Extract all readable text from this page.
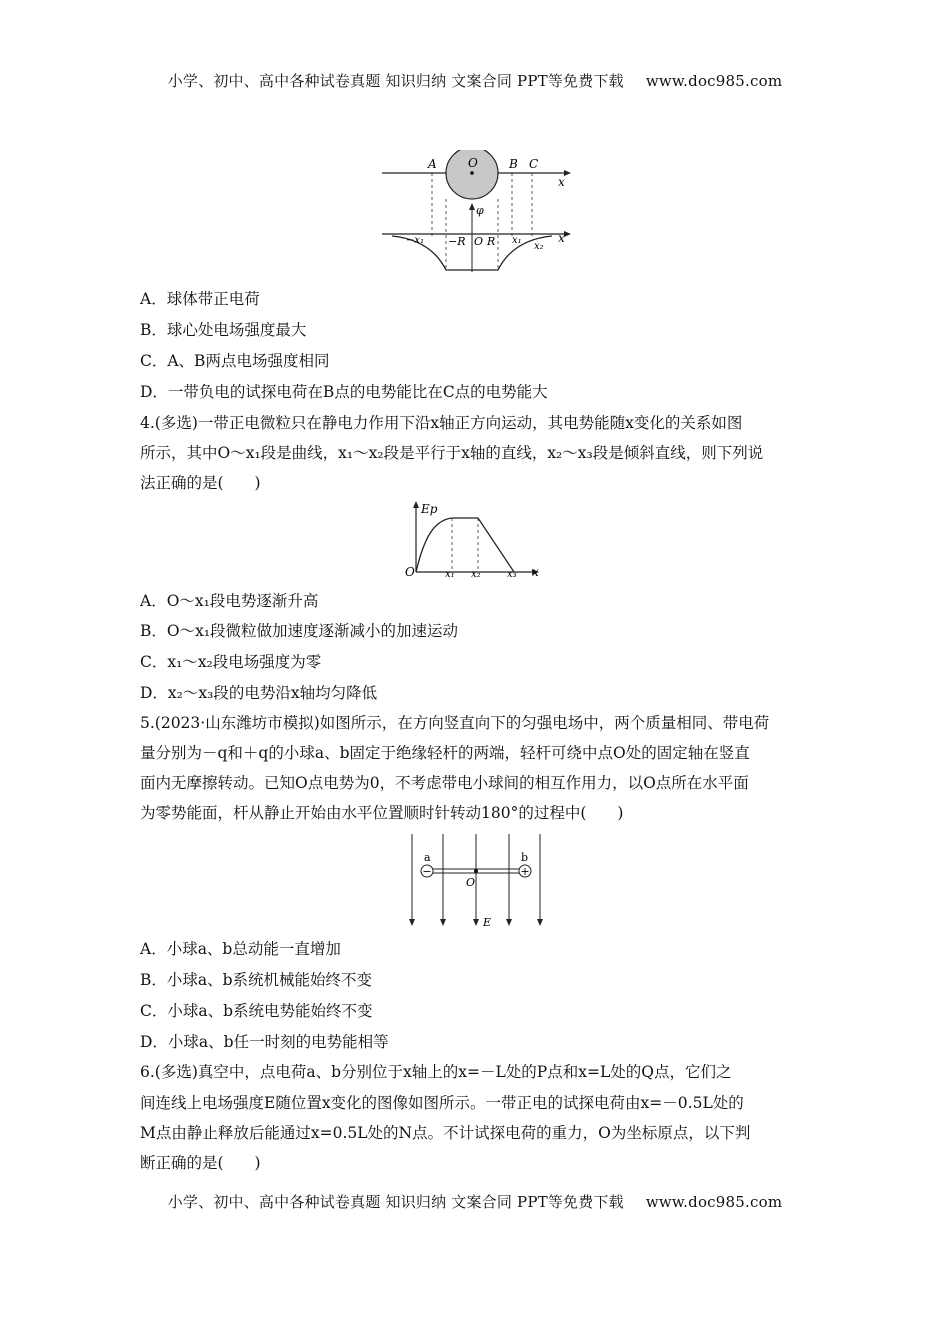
小学、初中、高中各种试卷真题 知识归纳 文案合同 PPT等免费下载 www.doc985.com
A	O	B C
x
φ
−x₁ −R O R x₁
x₂
x
A．球体带正电荷
B．球心处电场强度最大
C．A、B两点电场强度相同
D．一带负电的试探电荷在B点的电势能比在C点的电势能大
4.(多选)一带正电微粒只在静电力作用下沿x轴正方向运动，其电势能随x变化的关系如图
所示，其中O～x₁段是曲线，x₁～x₂段是平行于x轴的直线，x₂～x₃段是倾斜直线，则下列说
法正确的是(　　)
Ep
O	x₁ x₂	x₃ x
A．O～x₁段电势逐渐升高
B．O～x₁段微粒做加速度逐渐减小的加速运动
C．x₁～x₂段电场强度为零
D．x₂～x₃段的电势沿x轴均匀降低
5.(2023·山东潍坊市模拟)如图所示，在方向竖直向下的匀强电场中，两个质量相同、带电荷
量分别为－q和＋q的小球a、b固定于绝缘轻杆的两端，轻杆可绕中点O处的固定轴在竖直
面内无摩擦转动。已知O点电势为0，不考虑带电小球间的相互作用力，以O点所在水平面
为零势能面，杆从静止开始由水平位置顺时针转动180°的过程中(　　)
−	+
a	b
O
E
A．小球a、b总动能一直增加
B．小球a、b系统机械能始终不变
C．小球a、b系统电势能始终不变
D．小球a、b任一时刻的电势能相等
6.(多选)真空中，点电荷a、b分别位于x轴上的x=－L处的P点和x=L处的Q点，它们之
间连线上电场强度E随位置x变化的图像如图所示。一带正电的试探电荷由x=－0.5L处的
M点由静止释放后能通过x=0.5L处的N点。不计试探电荷的重力，O为坐标原点，以下判
断正确的是(　　)
小学、初中、高中各种试卷真题 知识归纳 文案合同 PPT等免费下载 www.doc985.com
